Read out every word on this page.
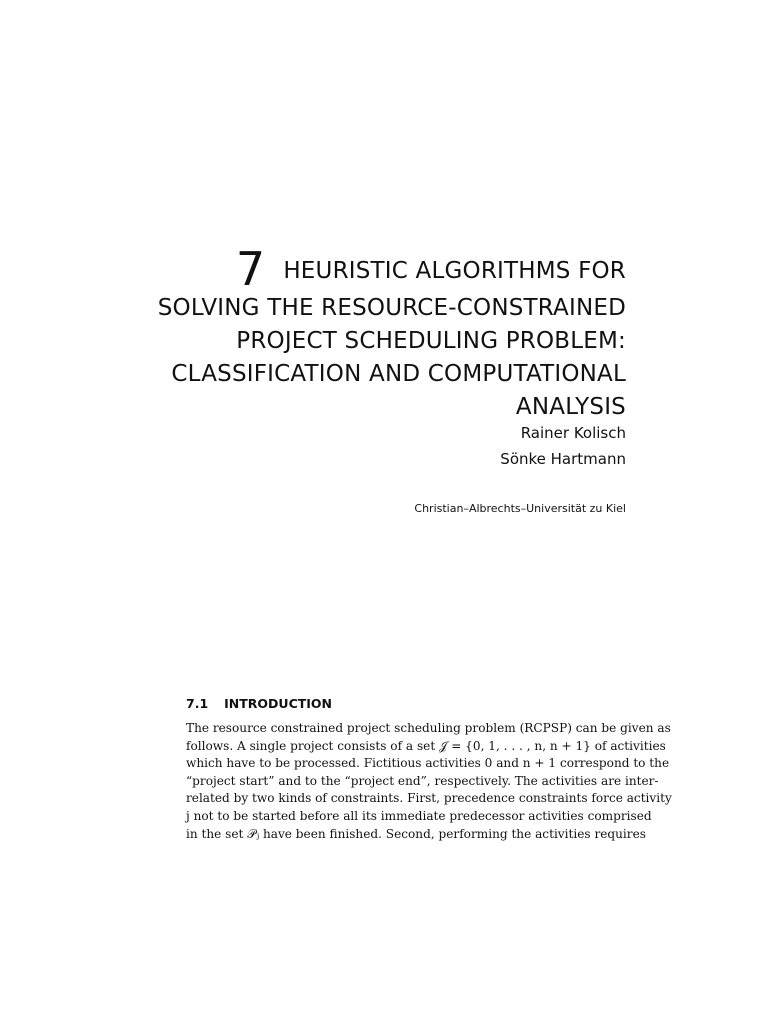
7 HEURISTIC ALGORITHMS FOR
SOLVING THE RESOURCE-CONSTRAINED
PROJECT SCHEDULING PROBLEM:
CLASSIFICATION AND COMPUTATIONAL
ANALYSIS
Rainer Kolisch
Sönke Hartmann
Christian–Albrechts–Universität zu Kiel
7.1 INTRODUCTION
The resource constrained project scheduling problem (RCPSP) can be given as
follows. A single project consists of a set 𝒥 = {0, 1, . . . , n, n + 1} of activities
which have to be processed. Fictitious activities 0 and n + 1 correspond to the
“project start” and to the “project end”, respectively. The activities are inter-
related by two kinds of constraints. First, precedence constraints force activity
j not to be started before all its immediate predecessor activities comprised
in the set 𝒫ⱼ have been finished. Second, performing the activities requires
